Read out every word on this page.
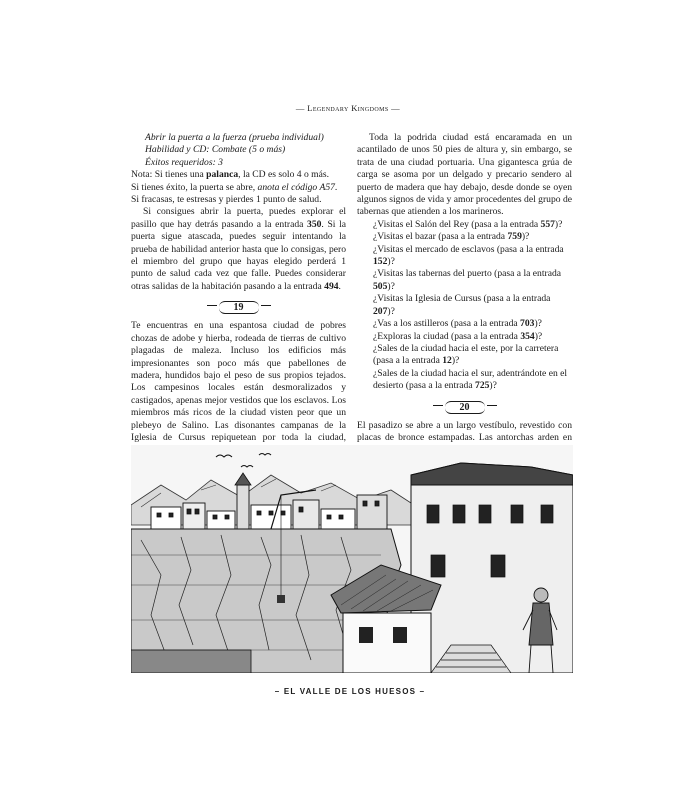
— Legendary Kingdoms —

Abrir la puerta a la fuerza (prueba individual)

Habilidad y CD: Combate (5 o más)

Éxitos requeridos: 3

Nota: Si tienes una palanca, la CD es solo 4 o más.

Si tienes éxito, la puerta se abre, anota el código A57.

Si fracasas, te estresas y pierdes 1 punto de salud.

Si consigues abrir la puerta, puedes explorar el pasillo que hay detrás pasando a la entrada 350. Si la puerta sigue atascada, puedes seguir intentando la prueba de habilidad anterior hasta que lo consigas, pero el miembro del grupo que hayas elegido perderá 1 punto de salud cada vez que falle. Puedes considerar otras salidas de la habitación pasando a la entrada 494.

19

Te encuentras en una espantosa ciudad de pobres chozas de adobe y hierba, rodeada de tierras de cultivo plagadas de maleza. Incluso los edificios más impresionantes son poco más que pabellones de madera, hundidos bajo el peso de sus propios tejados. Los campesinos locales están desmoralizados y castigados, apenas mejor vestidos que los esclavos. Los miembros más ricos de la ciudad visten peor que un plebeyo de Salino. Las disonantes campanas de la Iglesia de Cursus repiquetean por toda la ciudad,

Toda la podrida ciudad está encaramada en un acantilado de unos 50 pies de altura y, sin embargo, se trata de una ciudad portuaria. Una gigantesca grúa de carga se asoma por un delgado y precario sendero al puerto de madera que hay debajo, desde donde se oyen algunos signos de vida y amor procedentes del grupo de tabernas que atienden a los marineros.

¿Visitas el Salón del Rey (pasa a la entrada 557)?

¿Visitas el bazar (pasa a la entrada 759)?

¿Visitas el mercado de esclavos (pasa a la entrada 152)?

¿Visitas las tabernas del puerto (pasa a la entrada 505)?

¿Visitas la Iglesia de Cursus (pasa a la entrada 207)?

¿Vas a los astilleros (pasa a la entrada 703)?

¿Exploras la ciudad (pasa a la entrada 354)?

¿Sales de la ciudad hacia el este, por la carretera (pasa a la entrada 12)?

¿Sales de la ciudad hacia el sur, adentrándote en el desierto (pasa a la entrada 725)?

20

El pasadizo se abre a un largo vestíbulo, revestido con placas de bronce estampadas. Las antorchas arden en

– EL VALLE DE LOS HUESOS –
